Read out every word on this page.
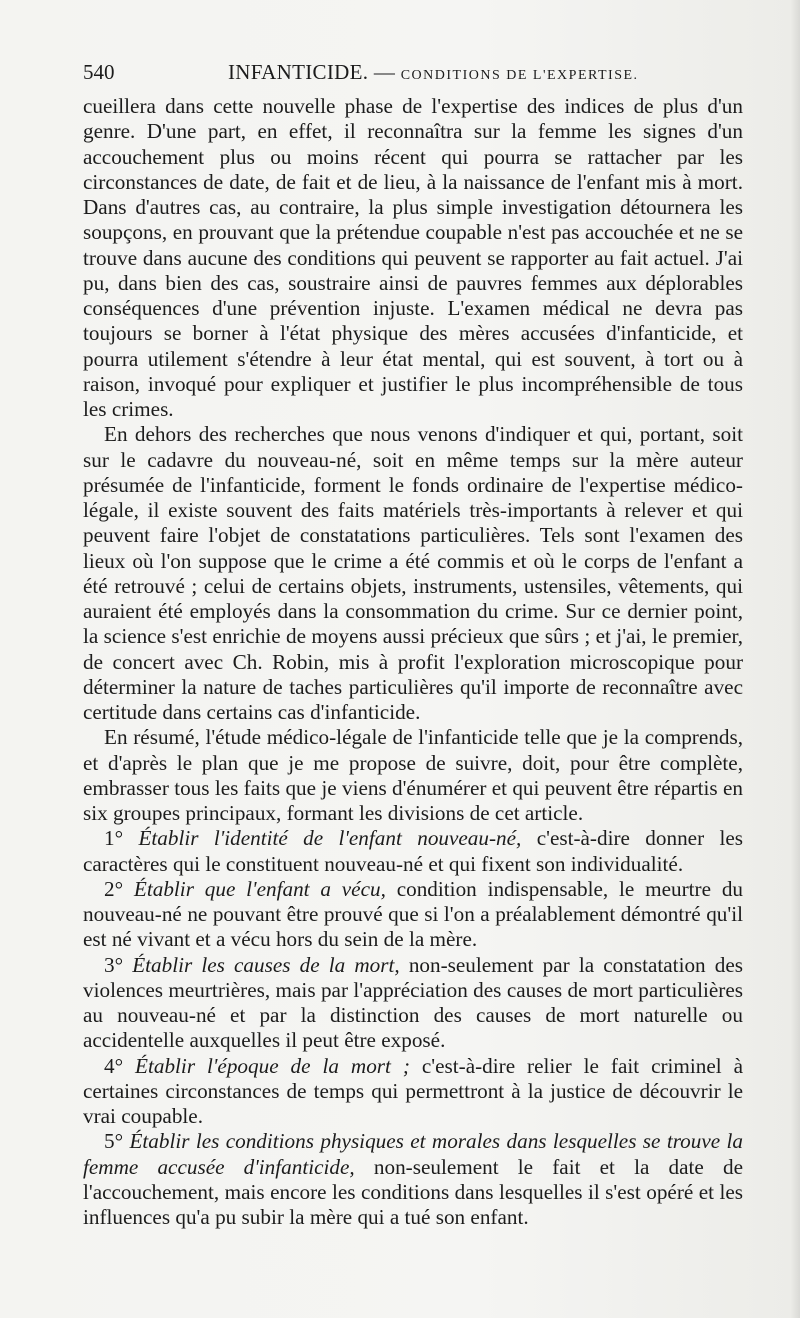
540	INFANTICIDE. — CONDITIONS DE L'EXPERTISE.

cueillera dans cette nouvelle phase de l'expertise des indices de plus d'un genre. D'une part, en effet, il reconnaîtra sur la femme les signes d'un accouchement plus ou moins récent qui pourra se rattacher par les circonstances de date, de fait et de lieu, à la naissance de l'enfant mis à mort. Dans d'autres cas, au contraire, la plus simple investigation détournera les soupçons, en prouvant que la prétendue coupable n'est pas accouchée et ne se trouve dans aucune des conditions qui peuvent se rapporter au fait actuel. J'ai pu, dans bien des cas, soustraire ainsi de pauvres femmes aux déplorables conséquences d'une prévention injuste. L'examen médical ne devra pas toujours se borner à l'état physique des mères accusées d'infanticide, et pourra utilement s'étendre à leur état mental, qui est souvent, à tort ou à raison, invoqué pour expliquer et justifier le plus incompréhensible de tous les crimes.

En dehors des recherches que nous venons d'indiquer et qui, portant, soit sur le cadavre du nouveau-né, soit en même temps sur la mère auteur présumée de l'infanticide, forment le fonds ordinaire de l'expertise médico-légale, il existe souvent des faits matériels très-importants à relever et qui peuvent faire l'objet de constatations particulières. Tels sont l'examen des lieux où l'on suppose que le crime a été commis et où le corps de l'enfant a été retrouvé ; celui de certains objets, instruments, ustensiles, vêtements, qui auraient été employés dans la consommation du crime. Sur ce dernier point, la science s'est enrichie de moyens aussi précieux que sûrs ; et j'ai, le premier, de concert avec Ch. Robin, mis à profit l'exploration microscopique pour déterminer la nature de taches particulières qu'il importe de reconnaître avec certitude dans certains cas d'infanticide.

En résumé, l'étude médico-légale de l'infanticide telle que je la comprends, et d'après le plan que je me propose de suivre, doit, pour être complète, embrasser tous les faits que je viens d'énumérer et qui peuvent être répartis en six groupes principaux, formant les divisions de cet article.

1° Établir l'identité de l'enfant nouveau-né, c'est-à-dire donner les caractères qui le constituent nouveau-né et qui fixent son individualité.

2° Établir que l'enfant a vécu, condition indispensable, le meurtre du nouveau-né ne pouvant être prouvé que si l'on a préalablement démontré qu'il est né vivant et a vécu hors du sein de la mère.

3° Établir les causes de la mort, non-seulement par la constatation des violences meurtrières, mais par l'appréciation des causes de mort particulières au nouveau-né et par la distinction des causes de mort naturelle ou accidentelle auxquelles il peut être exposé.

4° Établir l'époque de la mort ; c'est-à-dire relier le fait criminel à certaines circonstances de temps qui permettront à la justice de découvrir le vrai coupable.

5° Établir les conditions physiques et morales dans lesquelles se trouve la femme accusée d'infanticide, non-seulement le fait et la date de l'accouchement, mais encore les conditions dans lesquelles il s'est opéré et les influences qu'a pu subir la mère qui a tué son enfant.
